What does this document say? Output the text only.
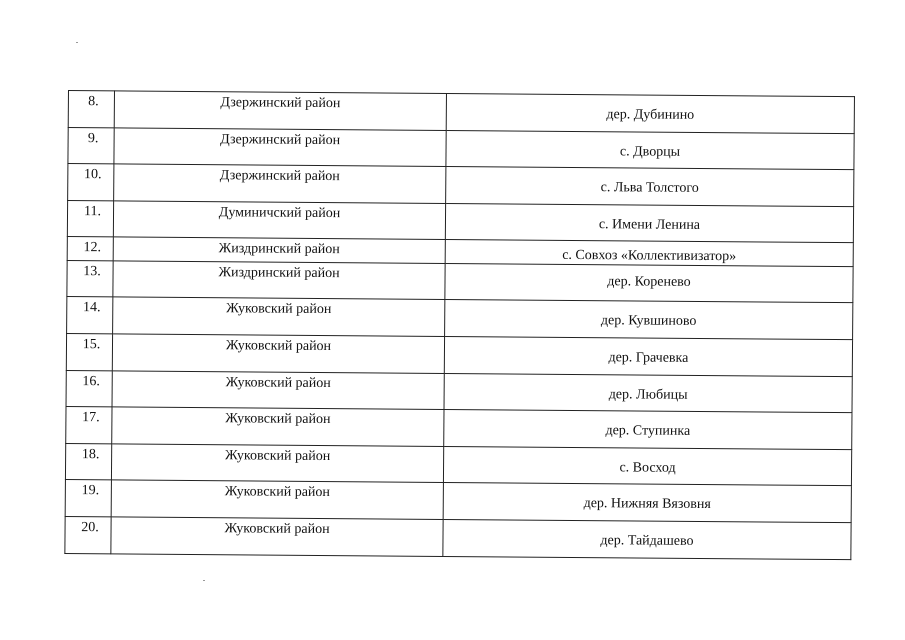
8.	Дзержинский район	дер. Дубинино
9.	Дзержинский район	с. Дворцы
10.	Дзержинский район	с. Льва Толстого
11.	Думиничский район	с. Имени Ленина
12.	Жиздринский район	с. Совхоз «Коллективизатор»
13.	Жиздринский район	дер. Коренево
14.	Жуковский район	дер. Кувшиново
15.	Жуковский район	дер. Грачевка
16.	Жуковский район	дер. Любицы
17.	Жуковский район	дер. Ступинка
18.	Жуковский район	с. Восход
19.	Жуковский район	дер. Нижняя Вязовня
20.	Жуковский район	дер. Тайдашево
